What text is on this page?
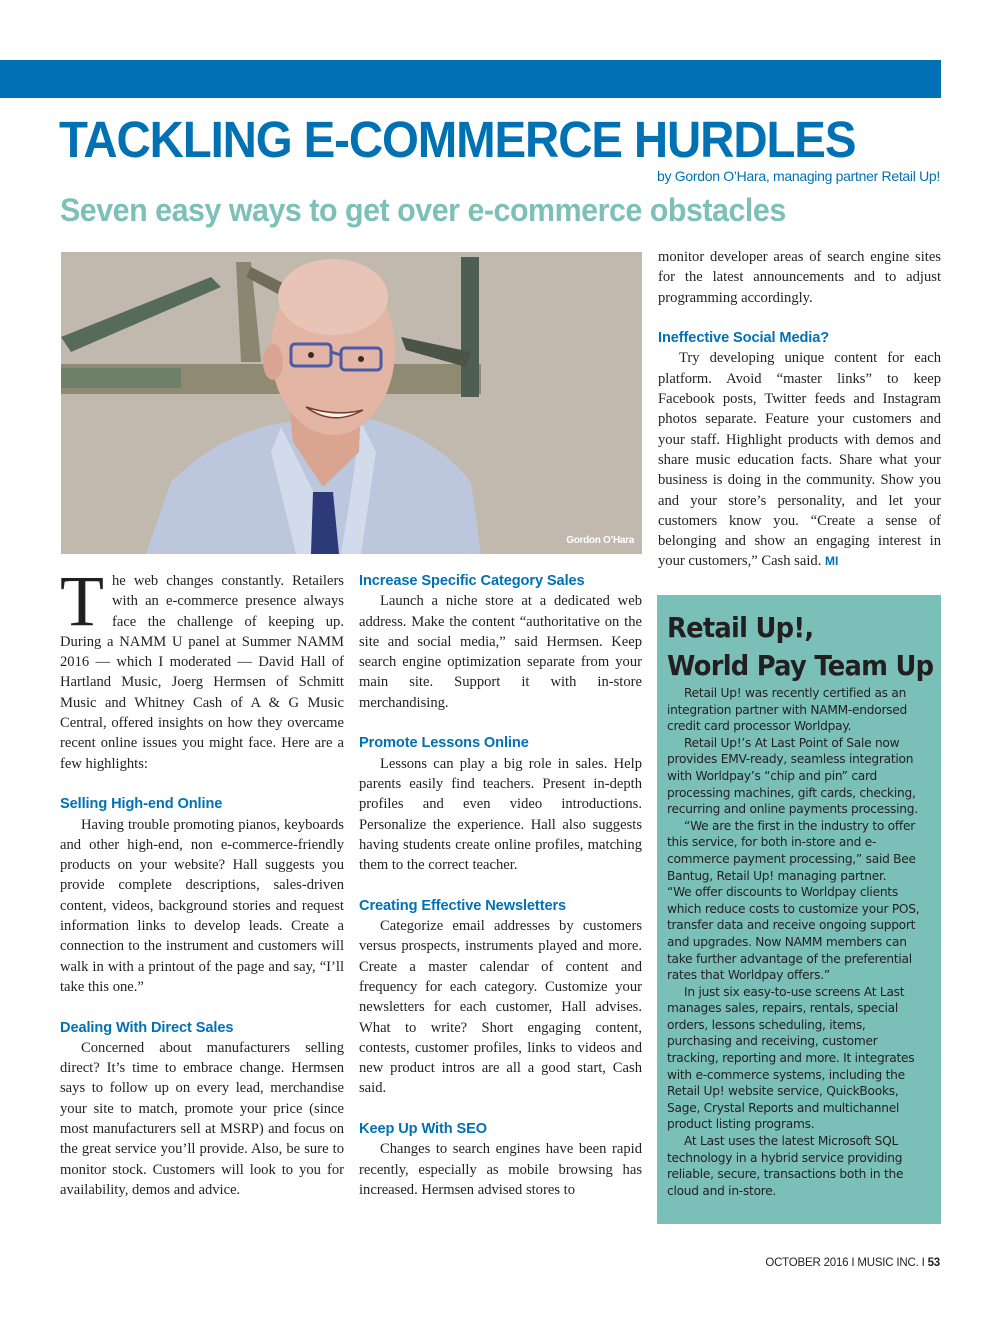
TACKLING E-COMMERCE HURDLES
by Gordon O’Hara, managing partner Retail Up!
Seven easy ways to get over e-commerce obstacles
Gordon O’Hara

The web changes constantly. Retailers with an e-commerce presence always face the challenge of keeping up. During a NAMM U panel at Summer NAMM 2016 — which I moderated — David Hall of Hartland Music, Joerg Hermsen of Schmitt Music and Whitney Cash of A & G Music Central, offered insights on how they overcame recent online issues you might face. Here are a few highlights:

Selling High-end Online

Having trouble promoting pianos, keyboards and other high-end, non e-commerce-friendly products on your website? Hall suggests you provide complete descriptions, sales-driven content, videos, background stories and request information links to develop leads. Create a connection to the instrument and customers will walk in with a printout of the page and say, “I’ll take this one.”

Dealing With Direct Sales

Concerned about manufacturers selling direct? It’s time to embrace change. Hermsen says to follow up on every lead, merchandise your site to match, promote your price (since most manufacturers sell at MSRP) and focus on the great service you’ll provide. Also, be sure to monitor stock. Customers will look to you for availability, demos and advice.

Increase Specific Category Sales

Launch a niche store at a dedicated web address. Make the content “authoritative on the site and social media,” said Hermsen. Keep search engine optimization separate from your main site. Support it with in-store merchandising.

Promote Lessons Online

Lessons can play a big role in sales. Help parents easily find teachers. Present in-depth profiles and even video introductions. Personalize the experience. Hall also suggests having students create online profiles, matching them to the correct teacher.

Creating Effective Newsletters

Categorize email addresses by customers versus prospects, instruments played and more. Create a master calendar of content and frequency for each category. Customize your newsletters for each customer, Hall advises. What to write? Short engaging content, contests, customer profiles, links to videos and new product intros are all a good start, Cash said.

Keep Up With SEO

Changes to search engines have been rapid recently, especially as mobile browsing has increased. Hermsen advised stores to

monitor developer areas of search engine sites for the latest announcements and to adjust programming accordingly.

Ineffective Social Media?

Try developing unique content for each platform. Avoid “master links” to keep Facebook posts, Twitter feeds and Instagram photos separate. Feature your customers and your staff. Highlight products with demos and share music education facts. Share what your business is doing in the community. Show you and your store’s personality, and let your customers know you. “Create a sense of belonging and show an engaging interest in your customers,” Cash said. MI

Retail Up!,
World Pay Team Up

Retail Up! was recently certified as an integration partner with NAMM-endorsed credit card processor Worldpay.

Retail Up!’s At Last Point of Sale now provides EMV-ready, seamless integration with Worldpay’s “chip and pin” card processing machines, gift cards, checking, recurring and online payments processing.

“We are the first in the industry to offer this service, for both in-store and e-commerce payment processing,” said Bee Bantug, Retail Up! managing partner.

“We offer discounts to Worldpay clients which reduce costs to customize your POS, transfer data and receive ongoing support and upgrades. Now NAMM members can take further advantage of the preferential rates that Worldpay offers.”

In just six easy-to-use screens At Last manages sales, repairs, rentals, special orders, lessons scheduling, items, purchasing and receiving, customer tracking, reporting and more. It integrates with e-commerce systems, including the Retail Up! website service, QuickBooks, Sage, Crystal Reports and multichannel product listing programs.

At Last uses the latest Microsoft SQL technology in a hybrid service providing reliable, secure, transactions both in the cloud and in-store.

OCTOBER 2016 I MUSIC INC. I 53
